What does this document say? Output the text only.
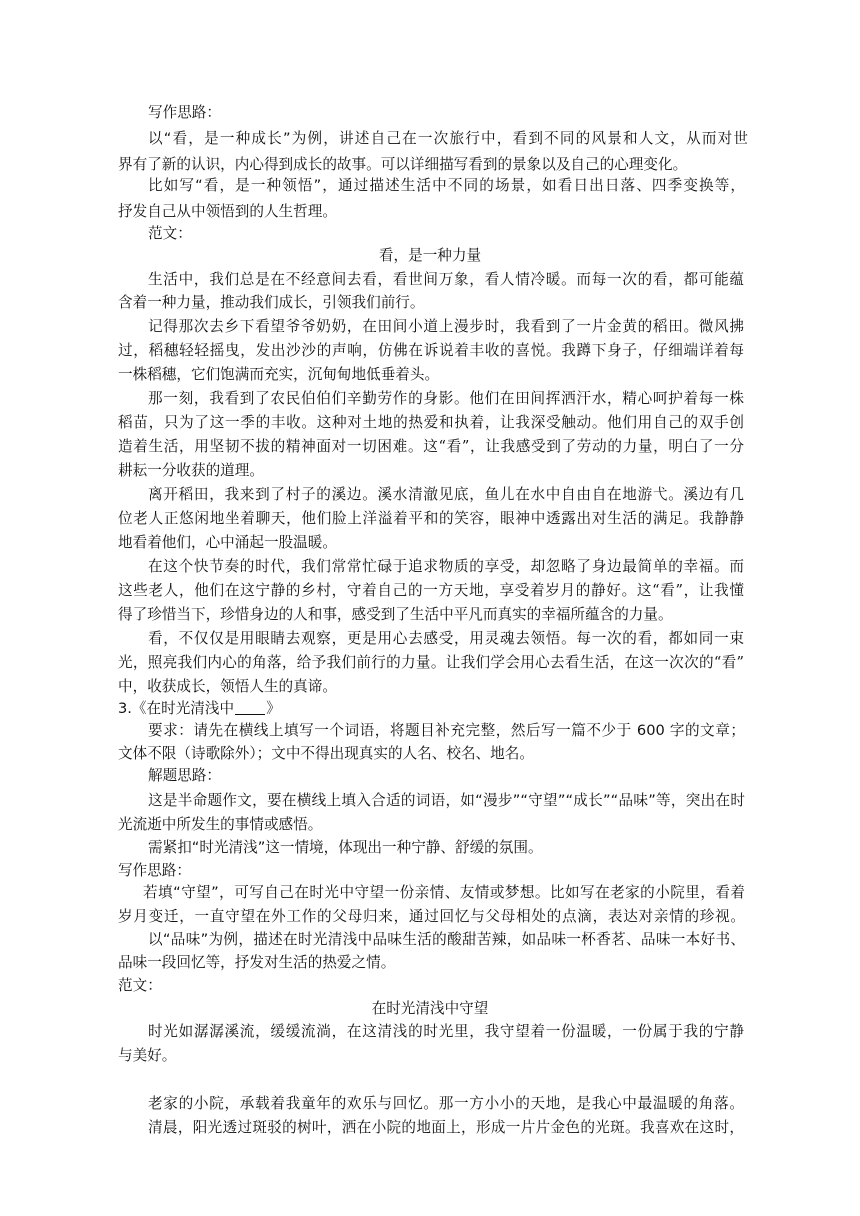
写作思路：
以“看，是一种成长”为例，讲述自己在一次旅行中，看到不同的风景和人文，从而对世
界有了新的认识，内心得到成长的故事。可以详细描写看到的景象以及自己的心理变化。
比如写“看，是一种领悟”，通过描述生活中不同的场景，如看日出日落、四季变换等，
抒发自己从中领悟到的人生哲理。
范文：
看，是一种力量
生活中，我们总是在不经意间去看，看世间万象，看人情冷暖。而每一次的看，都可能蕴
含着一种力量，推动我们成长，引领我们前行。
记得那次去乡下看望爷爷奶奶，在田间小道上漫步时，我看到了一片金黄的稻田。微风拂
过，稻穗轻轻摇曳，发出沙沙的声响，仿佛在诉说着丰收的喜悦。我蹲下身子，仔细端详着每
一株稻穗，它们饱满而充实，沉甸甸地低垂着头。
那一刻，我看到了农民伯伯们辛勤劳作的身影。他们在田间挥洒汗水，精心呵护着每一株
稻苗，只为了这一季的丰收。这种对土地的热爱和执着，让我深受触动。他们用自己的双手创
造着生活，用坚韧不拔的精神面对一切困难。这“看”，让我感受到了劳动的力量，明白了一分
耕耘一分收获的道理。
离开稻田，我来到了村子的溪边。溪水清澈见底，鱼儿在水中自由自在地游弋。溪边有几
位老人正悠闲地坐着聊天，他们脸上洋溢着平和的笑容，眼神中透露出对生活的满足。我静静
地看着他们，心中涌起一股温暖。
在这个快节奏的时代，我们常常忙碌于追求物质的享受，却忽略了身边最简单的幸福。而
这些老人，他们在这宁静的乡村，守着自己的一方天地，享受着岁月的静好。这“看”，让我懂
得了珍惜当下，珍惜身边的人和事，感受到了生活中平凡而真实的幸福所蕴含的力量。
看，不仅仅是用眼睛去观察，更是用心去感受，用灵魂去领悟。每一次的看，都如同一束
光，照亮我们内心的角落，给予我们前行的力量。让我们学会用心去看生活，在这一次次的“看”
中，收获成长，领悟人生的真谛。
3.《在时光清浅中 》
要求：请先在横线上填写一个词语，将题目补充完整，然后写一篇不少于 600 字的文章；
文体不限（诗歌除外）；文中不得出现真实的人名、校名、地名。
解题思路：
这是半命题作文，要在横线上填入合适的词语，如“漫步”“守望”“成长”“品味”等，突出在时
光流逝中所发生的事情或感悟。
需紧扣“时光清浅”这一情境，体现出一种宁静、舒缓的氛围。
写作思路：
若填“守望”，可写自己在时光中守望一份亲情、友情或梦想。比如写在老家的小院里，看着
岁月变迁，一直守望在外工作的父母归来，通过回忆与父母相处的点滴，表达对亲情的珍视。
以“品味”为例，描述在时光清浅中品味生活的酸甜苦辣，如品味一杯香茗、品味一本好书、
品味一段回忆等，抒发对生活的热爱之情。
范文：
在时光清浅中守望
时光如潺潺溪流，缓缓流淌，在这清浅的时光里，我守望着一份温暖，一份属于我的宁静
与美好。
老家的小院，承载着我童年的欢乐与回忆。那一方小小的天地，是我心中最温暖的角落。
清晨，阳光透过斑驳的树叶，洒在小院的地面上，形成一片片金色的光斑。我喜欢在这时，
